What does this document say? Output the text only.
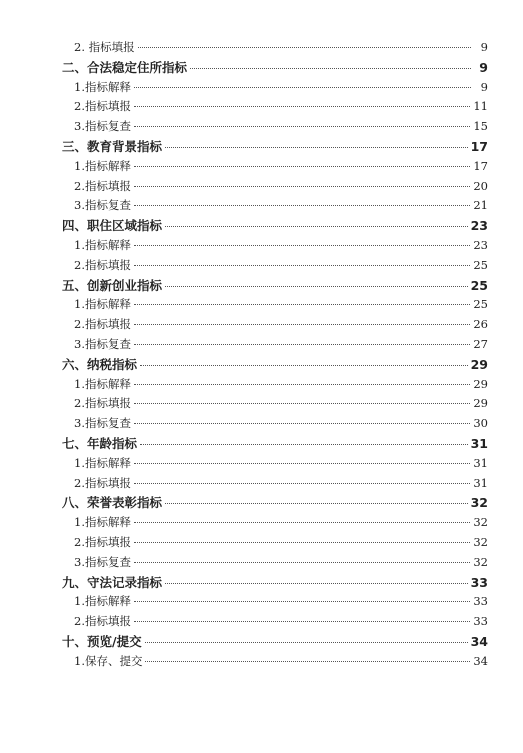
2. 指标填报	9
二、合法稳定住所指标	9
1.指标解释	9
2.指标填报	11
3.指标复查	15
三、教育背景指标	17
1.指标解释	17
2.指标填报	20
3.指标复查	21
四、职住区域指标	23
1.指标解释	23
2.指标填报	25
五、创新创业指标	25
1.指标解释	25
2.指标填报	26
3.指标复查	27
六、纳税指标	29
1.指标解释	29
2.指标填报	29
3.指标复查	30
七、年龄指标	31
1.指标解释	31
2.指标填报	31
八、荣誉表彰指标	32
1.指标解释	32
2.指标填报	32
3.指标复查	32
九、守法记录指标	33
1.指标解释	33
2.指标填报	33
十、预览/提交	34
1.保存、提交	34
